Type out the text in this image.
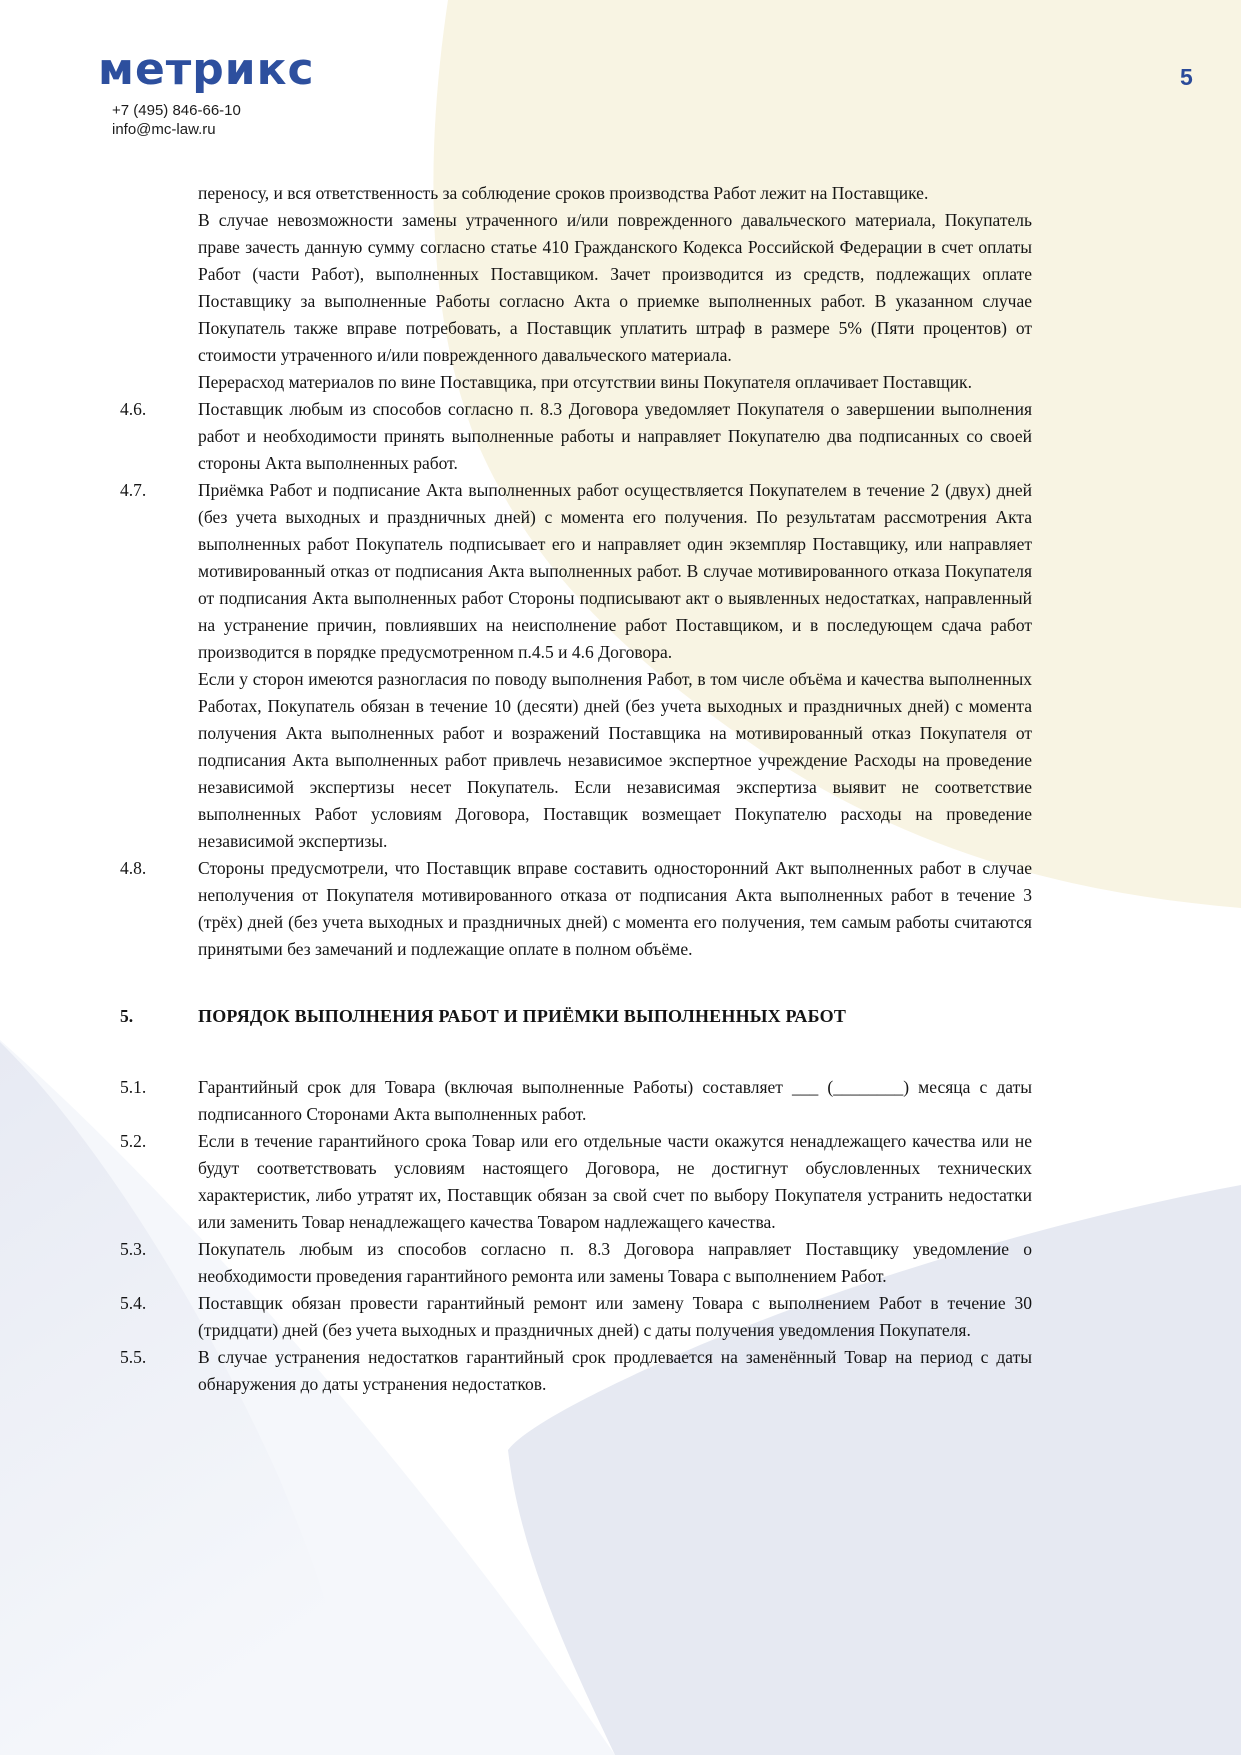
метрикс
+7 (495) 846-66-10
info@mc-law.ru
5
переносу, и вся ответственность за соблюдение сроков производства Работ лежит на Поставщике.
В случае невозможности замены утраченного и/или поврежденного давальческого материала, Покупатель праве зачесть данную сумму согласно статье 410 Гражданского Кодекса Российской Федерации в счет оплаты Работ (части Работ), выполненных Поставщиком. Зачет производится из средств, подлежащих оплате Поставщику за выполненные Работы согласно Акта о приемке выполненных работ. В указанном случае Покупатель также вправе потребовать, а Поставщик уплатить штраф в размере 5% (Пяти процентов) от стоимости утраченного и/или поврежденного давальческого материала.
Перерасход материалов по вине Поставщика, при отсутствии вины Покупателя оплачивает Поставщик.
4.6.	Поставщик любым из способов согласно п. 8.3 Договора уведомляет Покупателя о завершении выполнения работ и необходимости принять выполненные работы и направляет Покупателю два подписанных со своей стороны Акта выполненных работ.
4.7.	Приёмка Работ и подписание Акта выполненных работ осуществляется Покупателем в течение 2 (двух) дней (без учета выходных и праздничных дней) с момента его получения. По результатам рассмотрения Акта выполненных работ Покупатель подписывает его и направляет один экземпляр Поставщику, или направляет мотивированный отказ от подписания Акта выполненных работ. В случае мотивированного отказа Покупателя от подписания Акта выполненных работ Стороны подписывают акт о выявленных недостатках, направленный на устранение причин, повлиявших на неисполнение работ Поставщиком, и в последующем сдача работ производится в порядке предусмотренном п.4.5 и 4.6 Договора.
Если у сторон имеются разногласия по поводу выполнения Работ, в том числе объёма и качества выполненных Работах, Покупатель обязан в течение 10 (десяти) дней (без учета выходных и праздничных дней) с момента получения Акта выполненных работ и возражений Поставщика на мотивированный отказ Покупателя от подписания Акта выполненных работ привлечь независимое экспертное учреждение Расходы на проведение независимой экспертизы несет Покупатель. Если независимая экспертиза выявит не соответствие выполненных Работ условиям Договора, Поставщик возмещает Покупателю расходы на проведение независимой экспертизы.
4.8.	Стороны предусмотрели, что Поставщик вправе составить односторонний Акт выполненных работ в случае неполучения от Покупателя мотивированного отказа от подписания Акта выполненных работ в течение 3 (трёх) дней (без учета выходных и праздничных дней) с момента его получения, тем самым работы считаются принятыми без замечаний и подлежащие оплате в полном объёме.
5.	ПОРЯДОК ВЫПОЛНЕНИЯ РАБОТ И ПРИЁМКИ ВЫПОЛНЕННЫХ РАБОТ
5.1.	Гарантийный срок для Товара (включая выполненные Работы) составляет ___ (________) месяца с даты подписанного Сторонами Акта выполненных работ.
5.2.	Если в течение гарантийного срока Товар или его отдельные части окажутся ненадлежащего качества или не будут соответствовать условиям настоящего Договора, не достигнут обусловленных технических характеристик, либо утратят их, Поставщик обязан за свой счет по выбору Покупателя устранить недостатки или заменить Товар ненадлежащего качества Товаром надлежащего качества.
5.3.	Покупатель любым из способов согласно п. 8.3 Договора направляет Поставщику уведомление о необходимости проведения гарантийного ремонта или замены Товара с выполнением Работ.
5.4.	Поставщик обязан провести гарантийный ремонт или замену Товара с выполнением Работ в течение 30 (тридцати) дней (без учета выходных и праздничных дней) с даты получения уведомления Покупателя.
5.5.	В случае устранения недостатков гарантийный срок продлевается на заменённый Товар на период с даты обнаружения до даты устранения недостатков.
